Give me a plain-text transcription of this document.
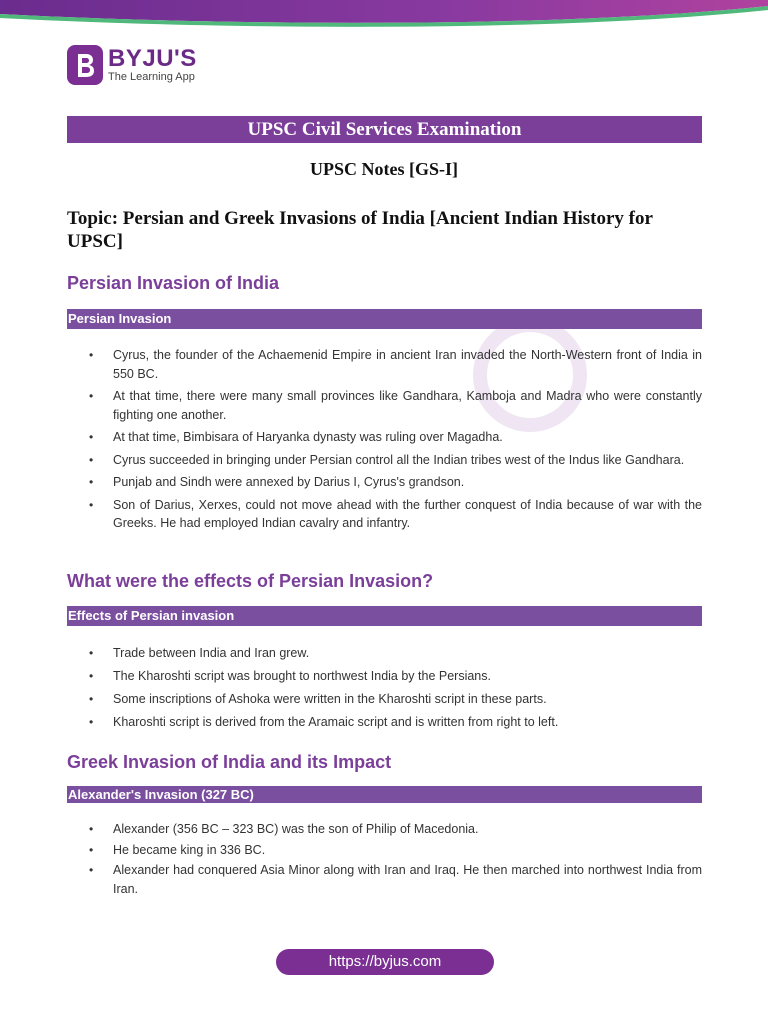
BYJU'S
The Learning App
UPSC Civil Services Examination
UPSC Notes [GS-I]
Topic: Persian and Greek Invasions of India [Ancient Indian History for UPSC]
Persian Invasion of India
Persian Invasion
• Cyrus, the founder of the Achaemenid Empire in ancient Iran invaded the North-Western front of India in 550 BC.
• At that time, there were many small provinces like Gandhara, Kamboja and Madra who were constantly fighting one another.
• At that time, Bimbisara of Haryanka dynasty was ruling over Magadha.
• Cyrus succeeded in bringing under Persian control all the Indian tribes west of the Indus like Gandhara.
• Punjab and Sindh were annexed by Darius I, Cyrus's grandson.
• Son of Darius, Xerxes, could not move ahead with the further conquest of India because of war with the Greeks. He had employed Indian cavalry and infantry.
What were the effects of Persian Invasion?
Effects of Persian invasion
• Trade between India and Iran grew.
• The Kharoshti script was brought to northwest India by the Persians.
• Some inscriptions of Ashoka were written in the Kharoshti script in these parts.
• Kharoshti script is derived from the Aramaic script and is written from right to left.
Greek Invasion of India and its Impact
Alexander's Invasion (327 BC)
• Alexander (356 BC – 323 BC) was the son of Philip of Macedonia.
• He became king in 336 BC.
• Alexander had conquered Asia Minor along with Iran and Iraq. He then marched into northwest India from Iran.
https://byjus.com
